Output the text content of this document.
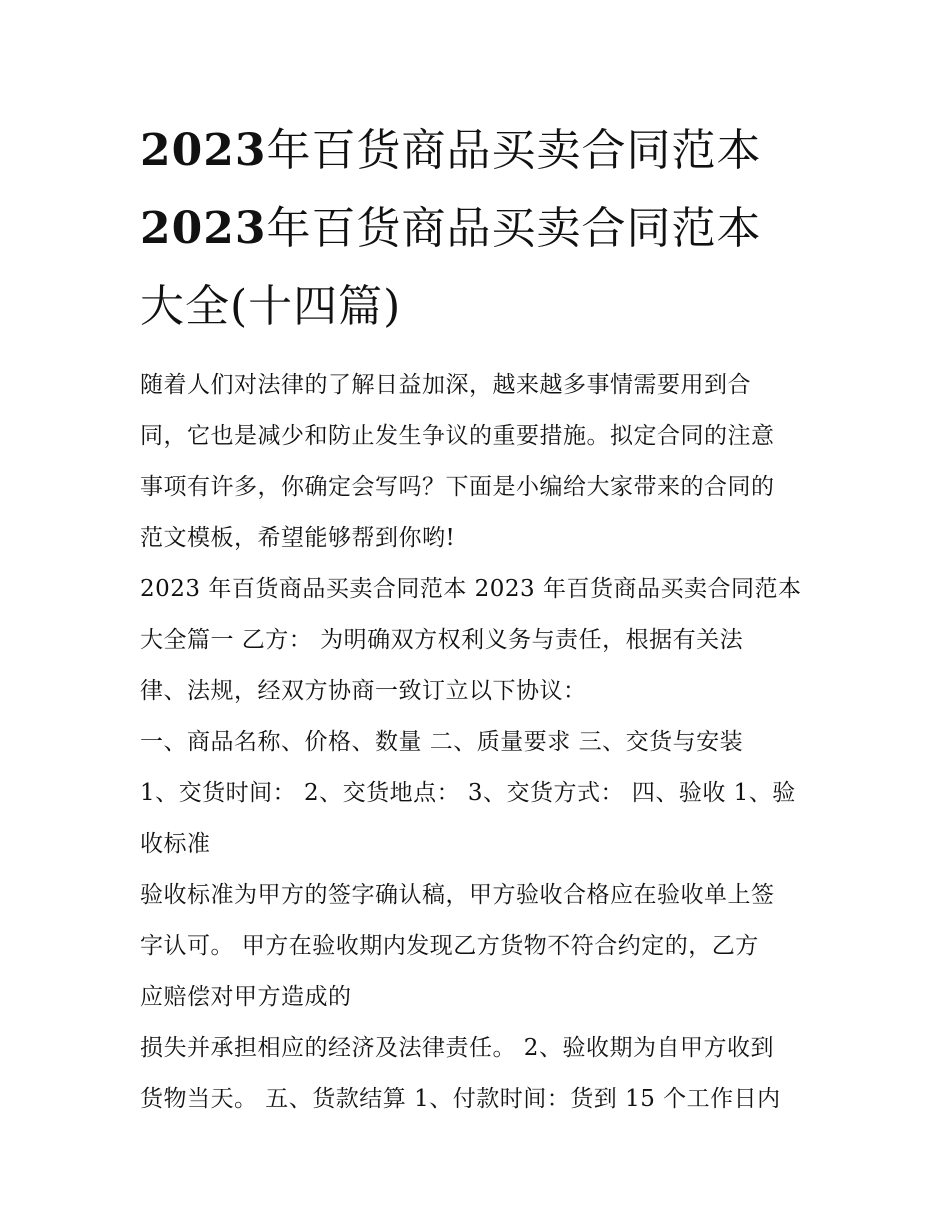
2023年百货商品买卖合同范本
2023年百货商品买卖合同范本
大全(十四篇)

随着人们对法律的了解日益加深，越来越多事情需要用到合
同，它也是减少和防止发生争议的重要措施。拟定合同的注意
事项有许多，你确定会写吗？下面是小编给大家带来的合同的
范文模板，希望能够帮到你哟!

2023 年百货商品买卖合同范本 2023 年百货商品买卖合同范本
大全篇一 乙方： 为明确双方权利义务与责任，根据有关法
律、法规，经双方协商一致订立以下协议：

一、商品名称、价格、数量 二、质量要求 三、交货与安装
1、交货时间： 2、交货地点： 3、交货方式： 四、验收 1、验
收标准

验收标准为甲方的签字确认稿，甲方验收合格应在验收单上签
字认可。 甲方在验收期内发现乙方货物不符合约定的，乙方
应赔偿对甲方造成的

损失并承担相应的经济及法律责任。 2、验收期为自甲方收到
货物当天。 五、货款结算 1、付款时间：货到 15 个工作日内
